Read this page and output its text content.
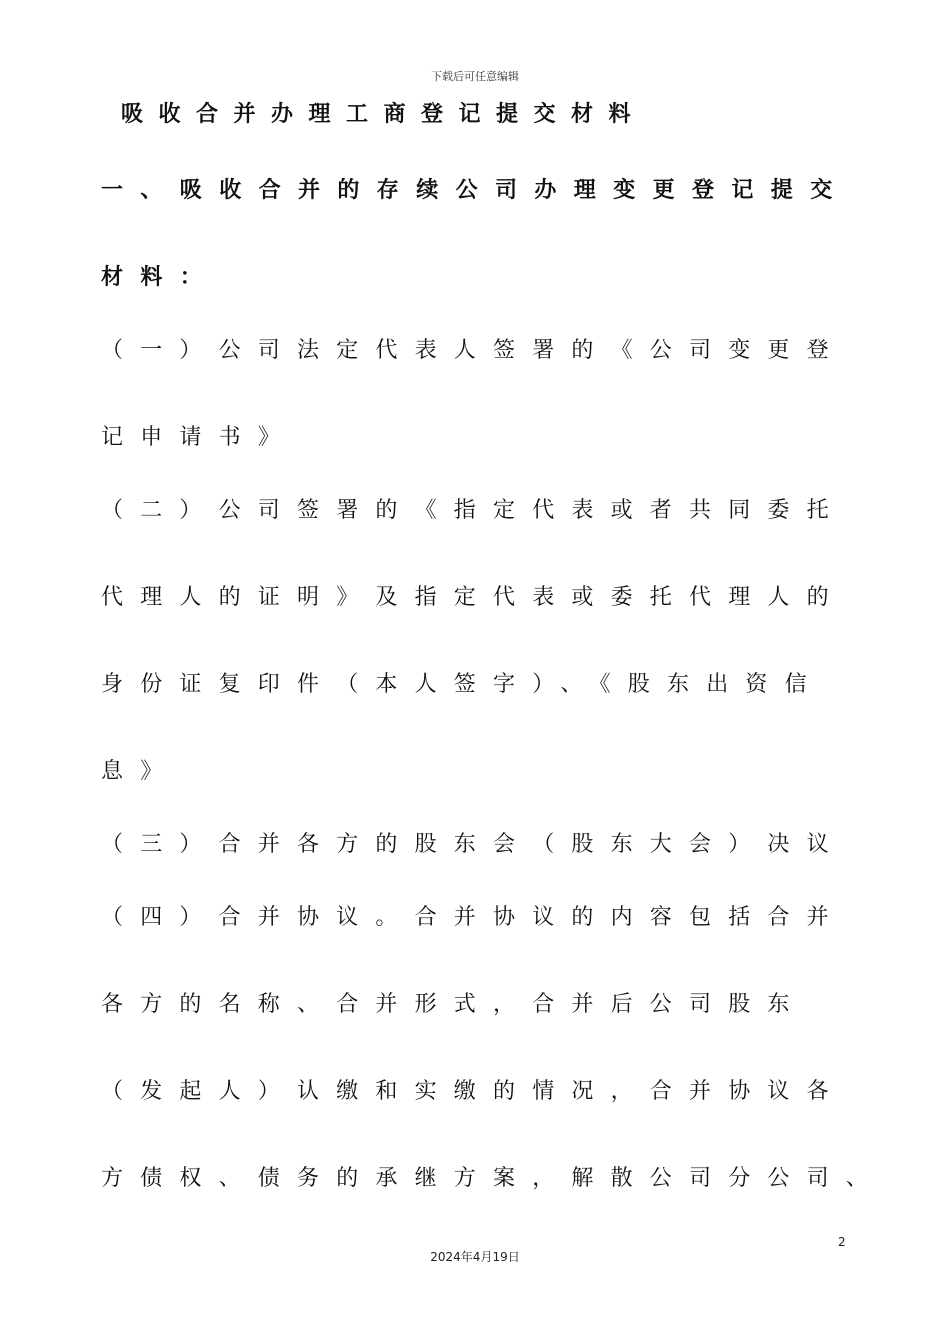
下载后可任意编辑
吸收合并办理工商登记提交材料
一、吸收合并的存续公司办理变更登记提交
材料：
（一）公司法定代表人签署的《公司变更登
记申请书》
（二）公司签署的《指定代表或者共同委托
代理人的证明》及指定代表或委托代理人的
身份证复印件（本人签字）、《股东出资信
息》
（三）合并各方的股东会（股东大会）决议
（四）合并协议。合并协议的内容包括合并
各方的名称、合并形式，合并后公司股东
（发起人）认缴和实缴的情况，合并协议各
方债权、债务的承继方案，解散公司分公司、
2
2024年4月19日
